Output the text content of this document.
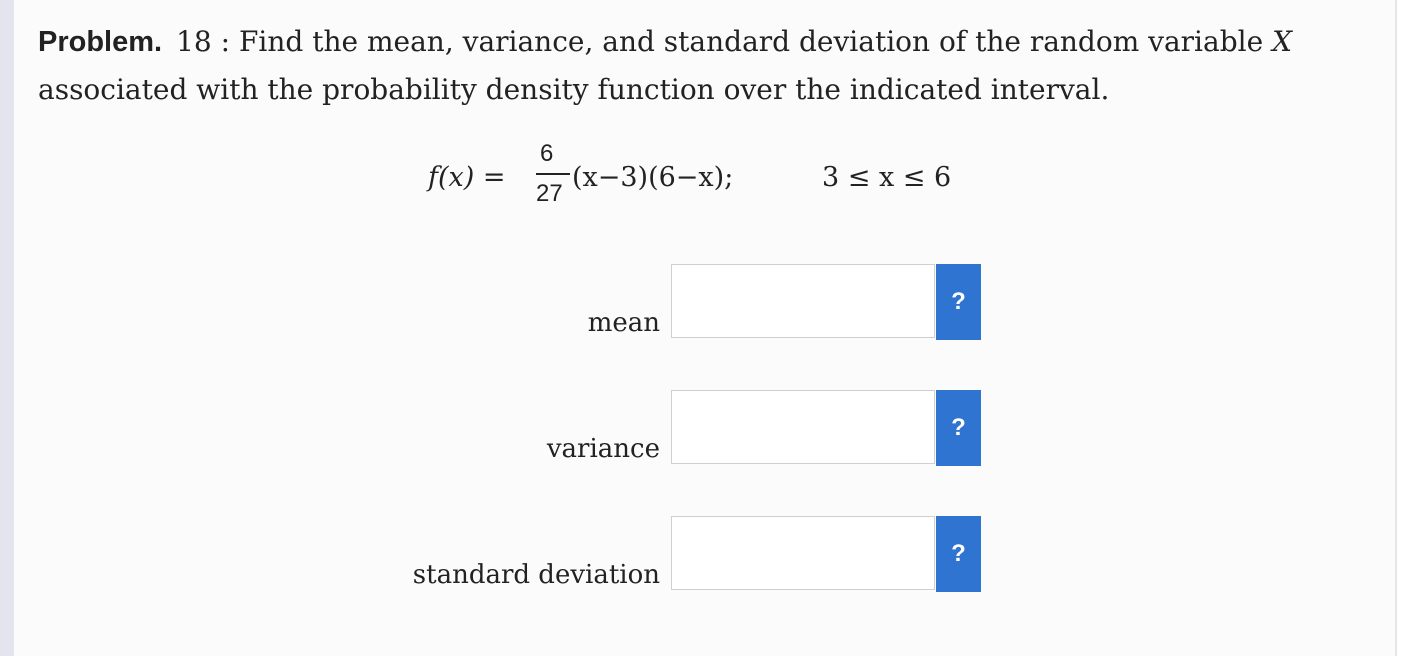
Problem. 18 : Find the mean, variance, and standard deviation of the random variable X
associated with the probability density function over the indicated interval.
f(x) =
6
27
(x−3)(6−x);	3 ≤ x ≤ 6
mean
?
variance
?
standard deviation
?
